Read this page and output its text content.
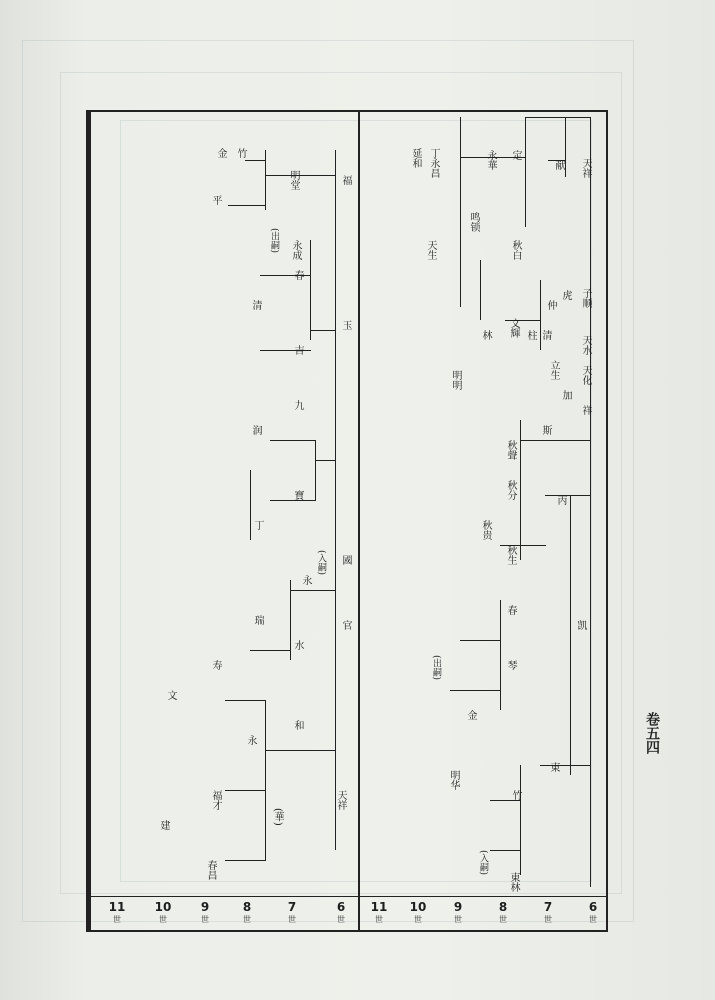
6
世
7
世
8
世
9
世
10
世
11
世
6
世
7
世
8
世
9
世
10
世
11
世
天祥
献
定
永華
丁永昌
延和
鸣锁
秋白
天生
子顺
虎
仲
文輝
天水
清
柱
林
天化
立生
明明
斯
加
祥
秋聲
秋分	丙
秋生
秋贵
凯
春
琴
金
東
竹
東林
明华
(出嗣)
(入嗣)
金 竹
明堂	福
永成
平
春
清
(出嗣)
玉
吉
润
寶
丁
九
國
永
(入嗣)
官
水
瑞
寿
文
和
(華)
天祥
永
春昌
福才
建
卷五四
